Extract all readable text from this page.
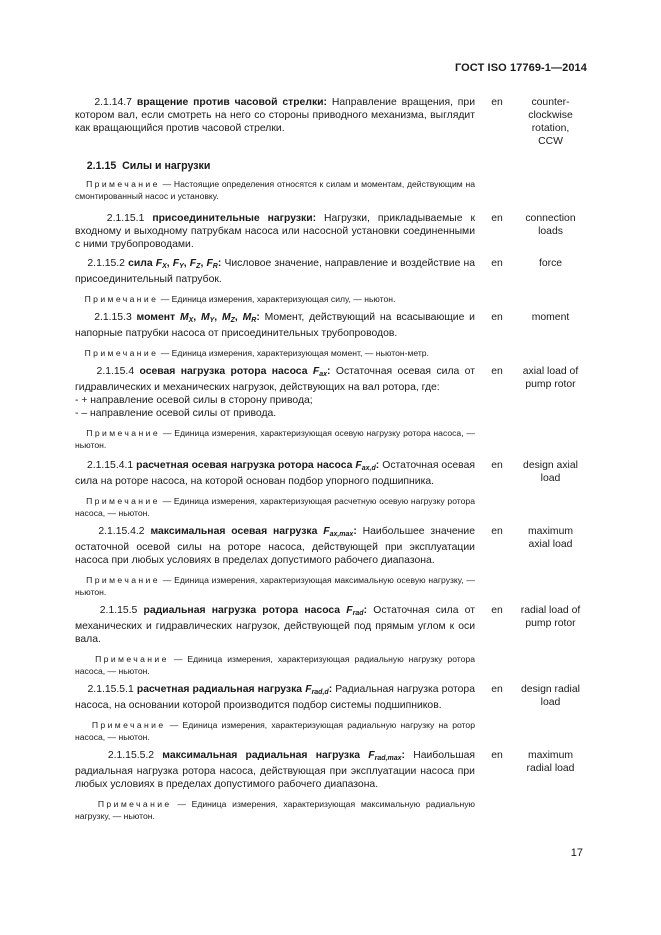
ГОСТ ISO 17769-1—2014
2.1.14.7 вращение против часовой стрелки: Направление вращения, при котором вал, если смотреть на него со стороны приводного механизма, выглядит как вращающийся против часовой стрелки.
en	counter-clockwise rotation, CCW
2.1.15 Силы и нагрузки
Примечание — Настоящие определения относятся к силам и моментам, действующим на смонтированный насос и установку.
2.1.15.1 присоединительные нагрузки: Нагрузки, прикладываемые к входному и выходному патрубкам насоса или насосной установки соединенными с ними трубопроводами.
en	connection loads
2.1.15.2 сила $F_X$, $F_Y$, $F_Z$, $F_R$: Числовое значение, направление и воздействие на присоединительный патрубок.
Примечание — Единица измерения, характеризующая силу, — ньютон.
en	force
2.1.15.3 момент $M_X$, $M_Y$, $M_Z$, $M_R$: Момент, действующий на всасывающие и напорные патрубки насоса от присоединительных трубопроводов.
Примечание — Единица измерения, характеризующая момент, — ньютон-метр.
en	moment
2.1.15.4 осевая нагрузка ротора насоса $F_{ax}$: Остаточная осевая сила от гидравлических и механических нагрузок, действующих на вал ротора, где:
- + направление осевой силы в сторону привода;
- – направление осевой силы от привода.
Примечание — Единица измерения, характеризующая осевую нагрузку ротора насоса, — ньютон.
en	axial load of pump rotor
2.1.15.4.1 расчетная осевая нагрузка ротора насоса $F_{ax,d}$: Остаточная осевая сила на роторе насоса, на которой основан подбор упорного подшипника.
Примечание — Единица измерения, характеризующая расчетную осевую нагрузку ротора насоса, — ньютон.
en	design axial load
2.1.15.4.2 максимальная осевая нагрузка $F_{ax,max}$: Наибольшее значение остаточной осевой силы на роторе насоса, действующей при эксплуатации насоса при любых условиях в пределах допустимого рабочего диапазона.
Примечание — Единица измерения, характеризующая максимальную осевую нагрузку, — ньютон.
en	maximum axial load
2.1.15.5 радиальная нагрузка ротора насоса $F_{rad}$: Остаточная сила от механических и гидравлических нагрузок, действующей под прямым углом к оси вала.
Примечание — Единица измерения, характеризующая радиальную нагрузку ротора насоса, — ньютон.
en	radial load of pump rotor
2.1.15.5.1 расчетная радиальная нагрузка $F_{rad,d}$: Радиальная нагрузка ротора насоса, на основании которой производится подбор системы подшипников.
Примечание — Единица измерения, характеризующая радиальную нагрузку на ротор насоса, — ньютон.
en	design radial load
2.1.15.5.2 максимальная радиальная нагрузка $F_{rad,max}$: Наибольшая радиальная нагрузка ротора насоса, действующая при эксплуатации насоса при любых условиях в пределах допустимого рабочего диапазона.
Примечание — Единица измерения, характеризующая максимальную радиальную нагрузку, — ньютон.
en	maximum radial load
17
